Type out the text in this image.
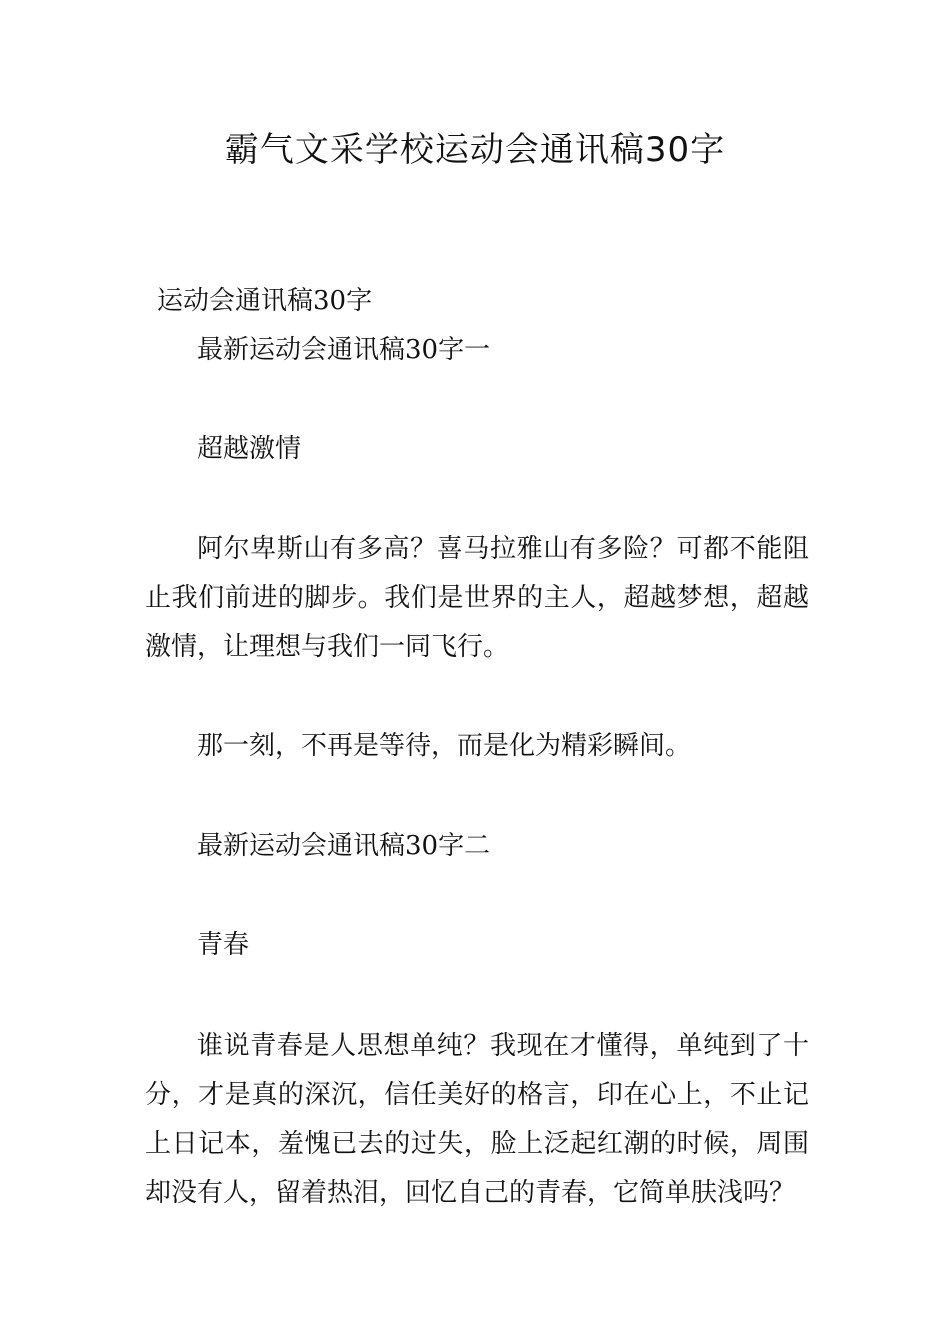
霸气文采学校运动会通讯稿30字

运动会通讯稿30字

最新运动会通讯稿30字一

超越激情

阿尔卑斯山有多高？喜马拉雅山有多险？可都不能阻止我们前进的脚步。我们是世界的主人，超越梦想，超越激情，让理想与我们一同飞行。

那一刻，不再是等待，而是化为精彩瞬间。

最新运动会通讯稿30字二

青春

谁说青春是人思想单纯？我现在才懂得，单纯到了十分，才是真的深沉，信任美好的格言，印在心上，不止记上日记本，羞愧已去的过失，脸上泛起红潮的时候，周围却没有人，留着热泪，回忆自己的青春，它简单肤浅吗？
